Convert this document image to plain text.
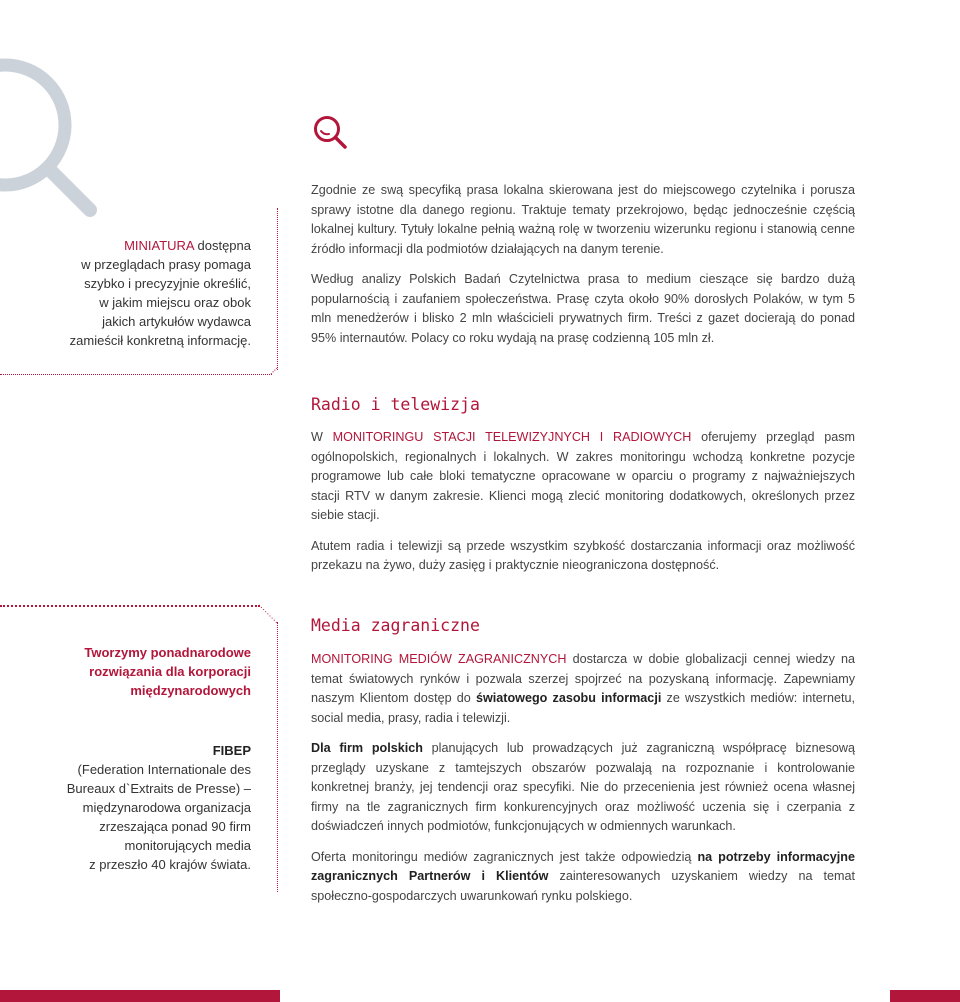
MINIATURA dostępna
w przeglądach prasy pomaga
szybko i precyzyjnie określić,
w jakim miejscu oraz obok
jakich artykułów wydawca
zamieścił konkretną informację.

Zgodnie ze swą specyfiką prasa lokalna skierowana jest do miejscowego czytelnika i porusza sprawy istotne dla danego regionu. Traktuje tematy przekrojowo, będąc jednocześnie częścią lokalnej kultury. Tytuły lokalne pełnią ważną rolę w tworzeniu wizerunku regionu i stanowią cenne źródło informacji dla podmiotów działających na danym terenie.

Według analizy Polskich Badań Czytelnictwa prasa to medium cieszące się bardzo dużą popularnością i zaufaniem społeczeństwa. Prasę czyta około 90% dorosłych Polaków, w tym 5 mln menedżerów i blisko 2 mln właścicieli prywatnych firm. Treści z gazet docierają do ponad 95% internautów. Polacy co roku wydają na prasę codzienną 105 mln zł.

Radio i telewizja

W MONITORINGU STACJI TELEWIZYJNYCH I RADIOWYCH oferujemy przegląd pasm ogólnopolskich, regionalnych i lokalnych. W zakres monitoringu wchodzą konkretne pozycje programowe lub całe bloki tematyczne opracowane w oparciu o programy z najważniejszych stacji RTV w danym zakresie. Klienci mogą zlecić monitoring dodatkowych, określonych przez siebie stacji.

Atutem radia i telewizji są przede wszystkim szybkość dostarczania informacji oraz możliwość przekazu na żywo, duży zasięg i praktycznie nieograniczona dostępność.

Tworzymy ponadnarodowe
rozwiązania dla korporacji
międzynarodowych
FIBEP
(Federation Internationale des
Bureaux d`Extraits de Presse) –
międzynarodowa organizacja
zrzeszająca ponad 90 firm
monitorujących media
z przeszło 40 krajów świata.
Media zagraniczne

MONITORING MEDIÓW ZAGRANICZNYCH dostarcza w dobie globalizacji cennej wiedzy na temat światowych rynków i pozwala szerzej spojrzeć na pozyskaną informację. Zapewniamy naszym Klientom dostęp do światowego zasobu informacji ze wszystkich mediów: internetu, social media, prasy, radia i telewizji.

Dla firm polskich planujących lub prowadzących już zagraniczną współpracę biznesową przeglądy uzyskane z tamtejszych obszarów pozwalają na rozpoznanie i kontrolowanie konkretnej branży, jej tendencji oraz specyfiki. Nie do przecenienia jest również ocena własnej firmy na tle zagranicznych firm konkurencyjnych oraz możliwość uczenia się i czerpania z doświadczeń innych podmiotów, funkcjonujących w odmiennych warunkach.

Oferta monitoringu mediów zagranicznych jest także odpowiedzią na potrzeby informacyjne zagranicznych Partnerów i Klientów zainteresowanych uzyskaniem wiedzy na temat społeczno-gospodarczych uwarunkowań rynku polskiego.
